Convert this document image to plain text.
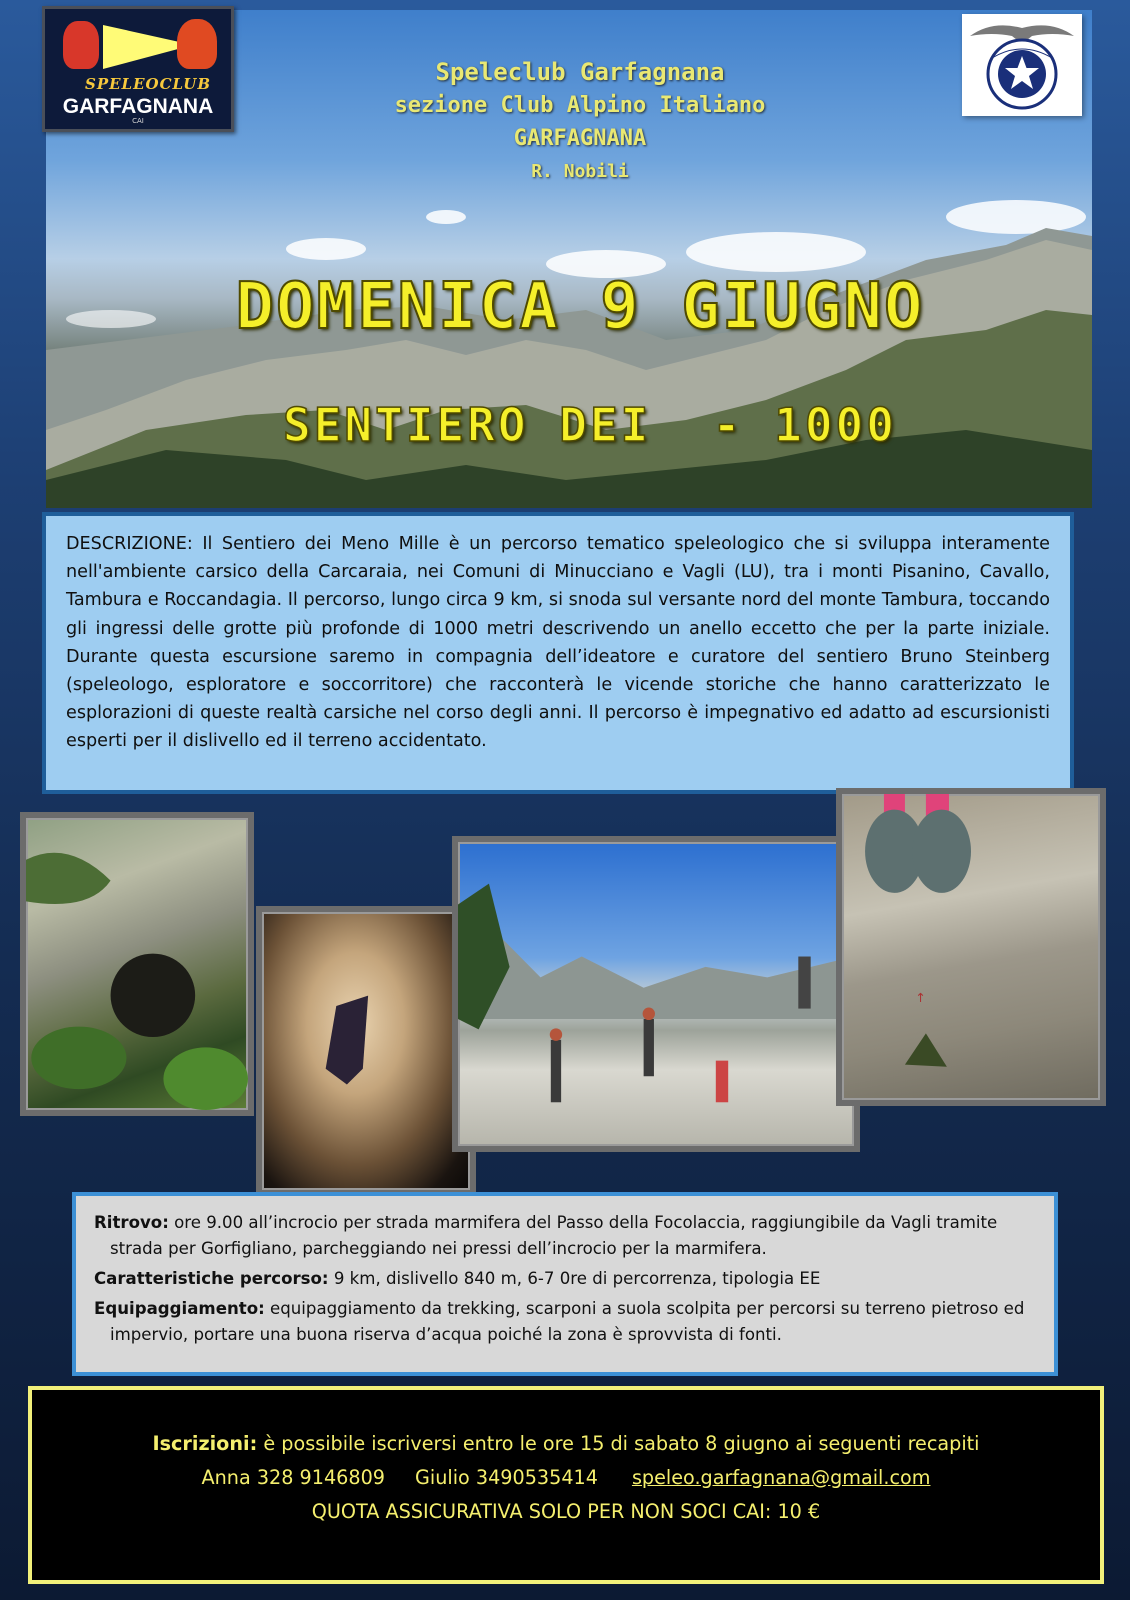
SPELEOCLUB
GARFAGNANA
CAI
Speleclub Garfagnana
sezione Club Alpino Italiano
GARFAGNANA
R. Nobili
DOMENICA 9 GIUGNO
SENTIERO DEI  - 1000
DESCRIZIONE: Il Sentiero dei Meno Mille è un percorso tematico speleologico che si sviluppa interamente nell'ambiente carsico della Carcaraia, nei Comuni di Minucciano e Vagli (LU), tra i monti Pisanino, Cavallo, Tambura e Roccandagia. Il percorso, lungo circa 9 km, si snoda sul versante nord del monte Tambura, toccando gli ingressi delle grotte più profonde di 1000 metri descrivendo un anello eccetto che per la parte iniziale. Durante questa escursione saremo in compagnia dell’ideatore e curatore del sentiero Bruno Steinberg (speleologo, esploratore e soccorritore) che racconterà le vicende storiche che hanno caratterizzato le esplorazioni di queste realtà carsiche nel corso degli anni. Il percorso è impegnativo ed adatto ad escursionisti esperti per il dislivello ed il terreno accidentato.
↑

Ritrovo: ore 9.00 all’incrocio per strada marmifera del Passo della Focolaccia, raggiungibile da Vagli tramite strada per Gorfigliano, parcheggiando nei pressi dell’incrocio per la marmifera.

Caratteristiche percorso: 9 km, dislivello 840 m, 6-7 0re di percorrenza, tipologia EE

Equipaggiamento: equipaggiamento da trekking, scarponi a suola scolpita per percorsi su terreno pietroso ed impervio, portare una buona riserva d’acqua poiché la zona è sprovvista di fonti.

Iscrizioni: è possibile iscriversi entro le ore 15 di sabato 8 giugno ai seguenti recapiti
Anna 328 9146809 Giulio 3490535414 speleo.garfagnana@gmail.com
QUOTA ASSICURATIVA SOLO PER NON SOCI CAI: 10 €
